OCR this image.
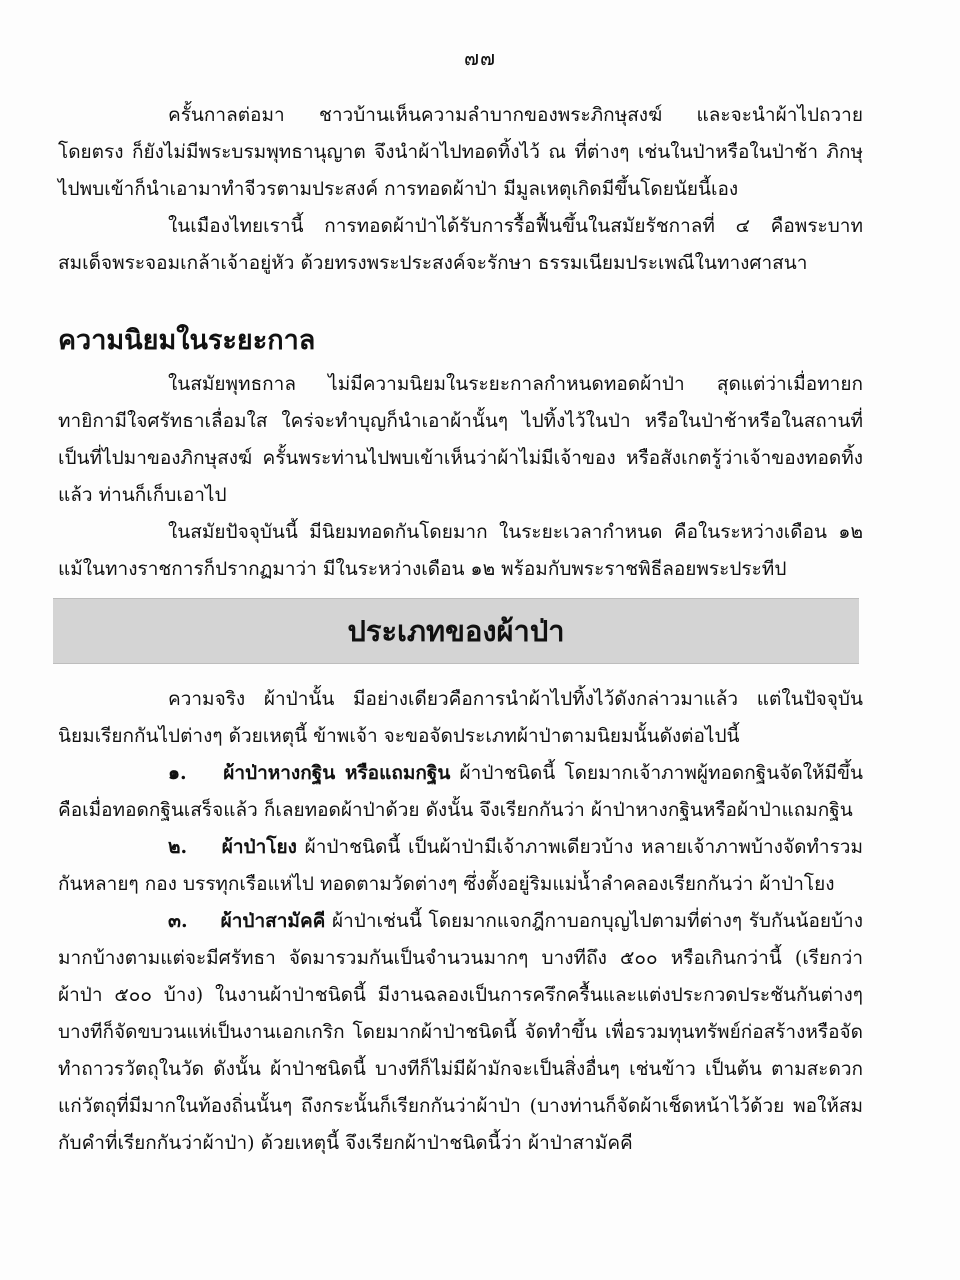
๗๗

ครั้นกาลต่อมา ชาวบ้านเห็นความลำบากของพระภิกษุสงฆ์ และจะนำผ้าไปถวายโดยตรง ก็ยังไม่มีพระบรมพุทธานุญาต จึงนำผ้าไปทอดทิ้งไว้ ณ ที่ต่างๆ เช่นในป่าหรือในป่าช้า ภิกษุไปพบเข้าก็นำเอามาทำจีวรตามประสงค์ การทอดผ้าป่า มีมูลเหตุเกิดมีขึ้นโดยนัยนี้เอง

ในเมืองไทยเรานี้ การทอดผ้าป่าได้รับการรื้อฟื้นขึ้นในสมัยรัชกาลที่ ๔ คือพระบาทสมเด็จพระจอมเกล้าเจ้าอยู่หัว ด้วยทรงพระประสงค์จะรักษา ธรรมเนียมประเพณีในทางศาสนา

ความนิยมในระยะกาล

ในสมัยพุทธกาล ไม่มีความนิยมในระยะกาลกำหนดทอดผ้าป่า สุดแต่ว่าเมื่อทายกทายิกามีใจศรัทธาเลื่อมใส ใคร่จะทำบุญก็นำเอาผ้านั้นๆ ไปทิ้งไว้ในป่า หรือในป่าช้าหรือในสถานที่เป็นที่ไปมาของภิกษุสงฆ์ ครั้นพระท่านไปพบเข้าเห็นว่าผ้าไม่มีเจ้าของ หรือสังเกตรู้ว่าเจ้าของทอดทิ้งแล้ว ท่านก็เก็บเอาไป

ในสมัยปัจจุบันนี้ มีนิยมทอดกันโดยมาก ในระยะเวลากำหนด คือในระหว่างเดือน ๑๒ แม้ในทางราชการก็ปรากฏมาว่า มีในระหว่างเดือน ๑๒ พร้อมกับพระราชพิธีลอยพระประทีป

ประเภทของผ้าป่า

ความจริง ผ้าป่านั้น มีอย่างเดียวคือการนำผ้าไปทิ้งไว้ดังกล่าวมาแล้ว แต่ในปัจจุบัน นิยมเรียกกันไปต่างๆ ด้วยเหตุนี้ ข้าพเจ้า จะขอจัดประเภทผ้าป่าตามนิยมนั้นดังต่อไปนี้

๑. ผ้าป่าหางกฐิน หรือแถมกฐิน ผ้าป่าชนิดนี้ โดยมากเจ้าภาพผู้ทอดกฐินจัดให้มีขึ้น คือเมื่อทอดกฐินเสร็จแล้ว ก็เลยทอดผ้าป่าด้วย ดังนั้น จึงเรียกกันว่า ผ้าป่าหางกฐินหรือผ้าป่าแถมกฐิน

๒. ผ้าป่าโยง ผ้าป่าชนิดนี้ เป็นผ้าป่ามีเจ้าภาพเดียวบ้าง หลายเจ้าภาพบ้างจัดทำรวมกันหลายๆ กอง บรรทุกเรือแห่ไป ทอดตามวัดต่างๆ ซึ่งตั้งอยู่ริมแม่น้ำลำคลองเรียกกันว่า ผ้าป่าโยง

๓. ผ้าป่าสามัคคี ผ้าป่าเช่นนี้ โดยมากแจกฎีกาบอกบุญไปตามที่ต่างๆ รับกันน้อยบ้างมากบ้างตามแต่จะมีศรัทธา จัดมารวมกันเป็นจำนวนมากๆ บางทีถึง ๕๐๐ หรือเกินกว่านี้ (เรียกว่าผ้าป่า ๕๐๐ บ้าง) ในงานผ้าป่าชนิดนี้ มีงานฉลองเป็นการครึกครื้นและแต่งประกวดประชันกันต่างๆ บางทีก็จัดขบวนแห่เป็นงานเอกเกริก โดยมากผ้าป่าชนิดนี้ จัดทำขึ้น เพื่อรวมทุนทรัพย์ก่อสร้างหรือจัดทำถาวรวัตถุในวัด ดังนั้น ผ้าป่าชนิดนี้ บางทีก็ไม่มีผ้ามักจะเป็นสิ่งอื่นๆ เช่นข้าว เป็นต้น ตามสะดวกแก่วัตถุที่มีมากในท้องถิ่นนั้นๆ ถึงกระนั้นก็เรียกกันว่าผ้าป่า (บางท่านก็จัดผ้าเช็ดหน้าไว้ด้วย พอให้สมกับคำที่เรียกกันว่าผ้าป่า) ด้วยเหตุนี้ จึงเรียกผ้าป่าชนิดนี้ว่า ผ้าป่าสามัคคี
